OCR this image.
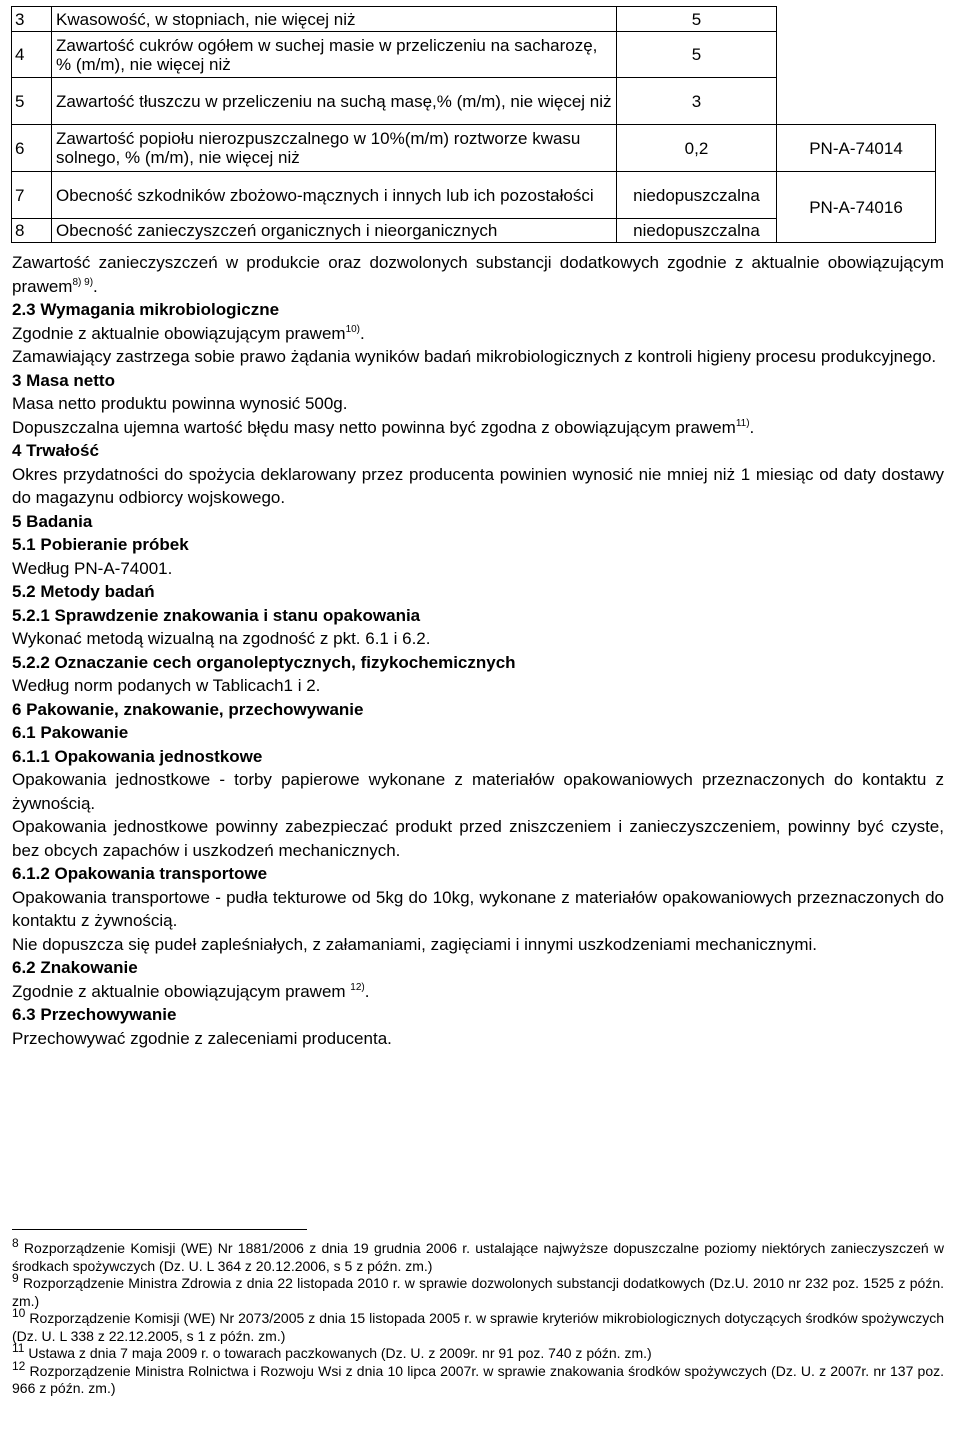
3	Kwasowość, w stopniach, nie więcej niż	5	
4	Zawartość cukrów ogółem w suchej masie w przeliczeniu na sacharozę, % (m/m), nie więcej niż	5	
5	Zawartość tłuszczu w przeliczeniu na suchą masę,% (m/m), nie więcej niż	3	
6	Zawartość popiołu nierozpuszczalnego w 10%(m/m) roztworze kwasu solnego, % (m/m), nie więcej niż	0,2	PN-A-74014
7	Obecność szkodników zbożowo-mącznych i innych lub ich pozostałości	niedopuszczalna	PN-A-74016
8	Obecność zanieczyszczeń organicznych i nieorganicznych	niedopuszczalna	

Zawartość zanieczyszczeń w produkcie oraz dozwolonych substancji dodatkowych zgodnie z aktualnie obowiązującym prawem$^{8) 9)}$.

2.3 Wymagania mikrobiologiczne

Zgodnie z aktualnie obowiązującym prawem$^{10)}$.

Zamawiający zastrzega sobie prawo żądania wyników badań mikrobiologicznych z kontroli higieny procesu produkcyjnego.

3 Masa netto

Masa netto produktu powinna wynosić 500g.

Dopuszczalna ujemna wartość błędu masy netto powinna być zgodna z obowiązującym prawem$^{11)}$.

4 Trwałość

Okres przydatności do spożycia deklarowany przez producenta powinien wynosić nie mniej niż 1 miesiąc od daty dostawy do magazynu odbiorcy wojskowego.

5 Badania

5.1 Pobieranie próbek

Według PN-A-74001.

5.2 Metody badań

5.2.1 Sprawdzenie znakowania i stanu opakowania

Wykonać metodą wizualną na zgodność z pkt. 6.1 i 6.2.

5.2.2 Oznaczanie cech organoleptycznych, fizykochemicznych

Według norm podanych w Tablicach1 i 2.

6 Pakowanie, znakowanie, przechowywanie

6.1 Pakowanie

6.1.1 Opakowania jednostkowe

Opakowania jednostkowe - torby papierowe wykonane z materiałów opakowaniowych przeznaczonych do kontaktu z żywnością.

Opakowania jednostkowe powinny zabezpieczać produkt przed zniszczeniem i zanieczyszczeniem, powinny być czyste, bez obcych zapachów i uszkodzeń mechanicznych.

6.1.2 Opakowania transportowe

Opakowania transportowe - pudła tekturowe od 5kg do 10kg, wykonane z materiałów opakowaniowych przeznaczonych do kontaktu z żywnością.

Nie dopuszcza się pudeł zapleśniałych, z załamaniami, zagięciami i innymi uszkodzeniami mechanicznymi.

6.2 Znakowanie

Zgodnie z aktualnie obowiązującym prawem $^{12)}$.

6.3 Przechowywanie

Przechowywać zgodnie z zaleceniami producenta.

8 Rozporządzenie Komisji (WE) Nr 1881/2006 z dnia 19 grudnia 2006 r. ustalające najwyższe dopuszczalne poziomy niektórych zanieczyszczeń w środkach spożywczych (Dz. U. L 364 z 20.12.2006, s 5 z późn. zm.)

9 Rozporządzenie Ministra Zdrowia z dnia 22 listopada 2010 r. w sprawie dozwolonych substancji dodatkowych (Dz.U. 2010 nr 232 poz. 1525 z późn. zm.)

10 Rozporządzenie Komisji (WE) Nr 2073/2005 z dnia 15 listopada 2005 r. w sprawie kryteriów mikrobiologicznych dotyczących środków spożywczych (Dz. U. L 338 z 22.12.2005, s 1 z późn. zm.)

11 Ustawa z dnia 7 maja 2009 r. o towarach paczkowanych (Dz. U. z 2009r. nr 91 poz. 740 z późn. zm.)

12 Rozporządzenie Ministra Rolnictwa i Rozwoju Wsi z dnia 10 lipca 2007r. w sprawie znakowania środków spożywczych (Dz. U. z 2007r. nr 137 poz. 966 z późn. zm.)
